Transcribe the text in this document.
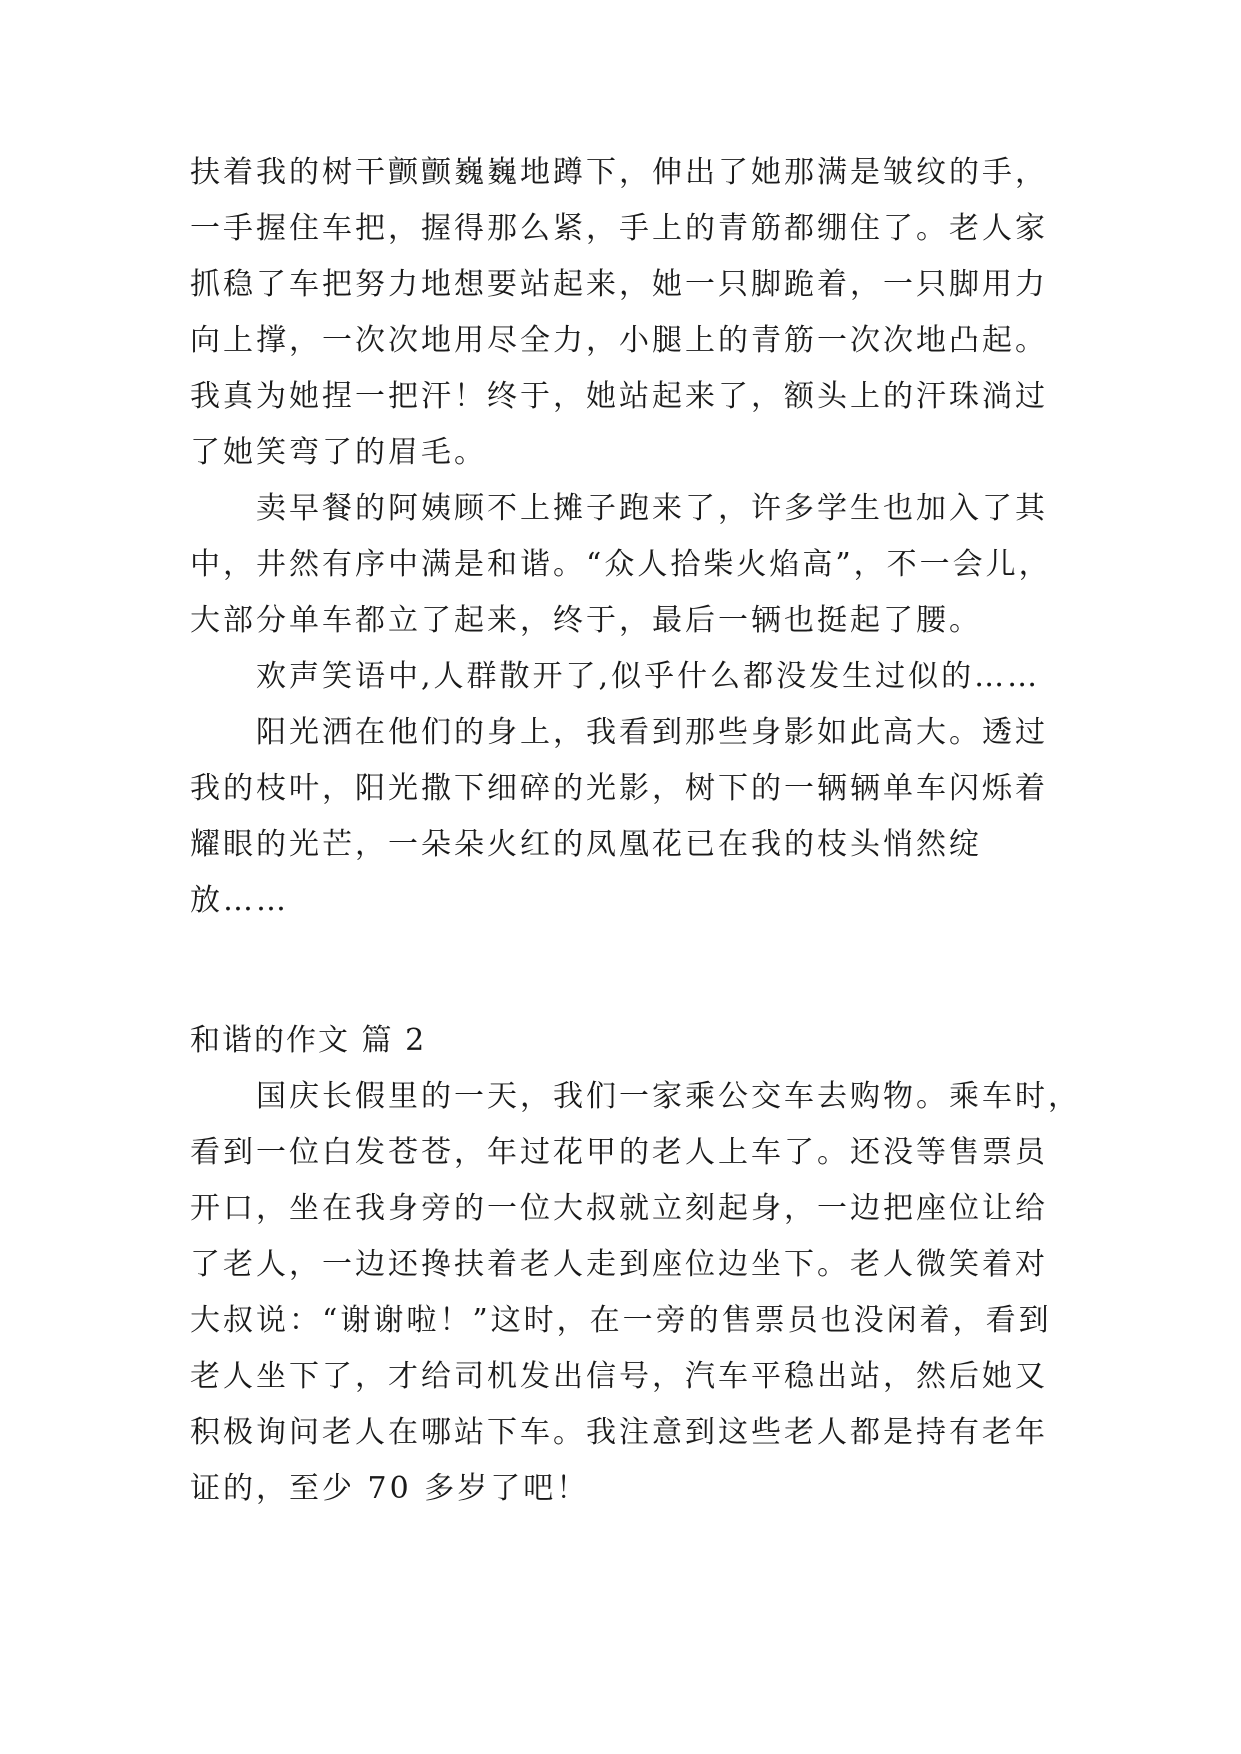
扶着我的树干颤颤巍巍地蹲下，伸出了她那满是皱纹的手，
一手握住车把，握得那么紧，手上的青筋都绷住了。老人家
抓稳了车把努力地想要站起来，她一只脚跪着，一只脚用力
向上撑，一次次地用尽全力，小腿上的青筋一次次地凸起。
我真为她捏一把汗！终于，她站起来了，额头上的汗珠淌过
了她笑弯了的眉毛。
卖早餐的阿姨顾不上摊子跑来了，许多学生也加入了其
中，井然有序中满是和谐。“众人拾柴火焰高”，不一会儿，
大部分单车都立了起来，终于，最后一辆也挺起了腰。
欢声笑语中,人群散开了,似乎什么都没发生过似的……
阳光洒在他们的身上，我看到那些身影如此高大。透过
我的枝叶，阳光撒下细碎的光影，树下的一辆辆单车闪烁着
耀眼的光芒，一朵朵火红的凤凰花已在我的枝头悄然绽
放……
和谐的作文 篇 2
国庆长假里的一天，我们一家乘公交车去购物。乘车时，
看到一位白发苍苍，年过花甲的老人上车了。还没等售票员
开口，坐在我身旁的一位大叔就立刻起身，一边把座位让给
了老人，一边还搀扶着老人走到座位边坐下。老人微笑着对
大叔说：“谢谢啦！”这时，在一旁的售票员也没闲着，看到
老人坐下了，才给司机发出信号，汽车平稳出站，然后她又
积极询问老人在哪站下车。我注意到这些老人都是持有老年
证的，至少 70 多岁了吧！
